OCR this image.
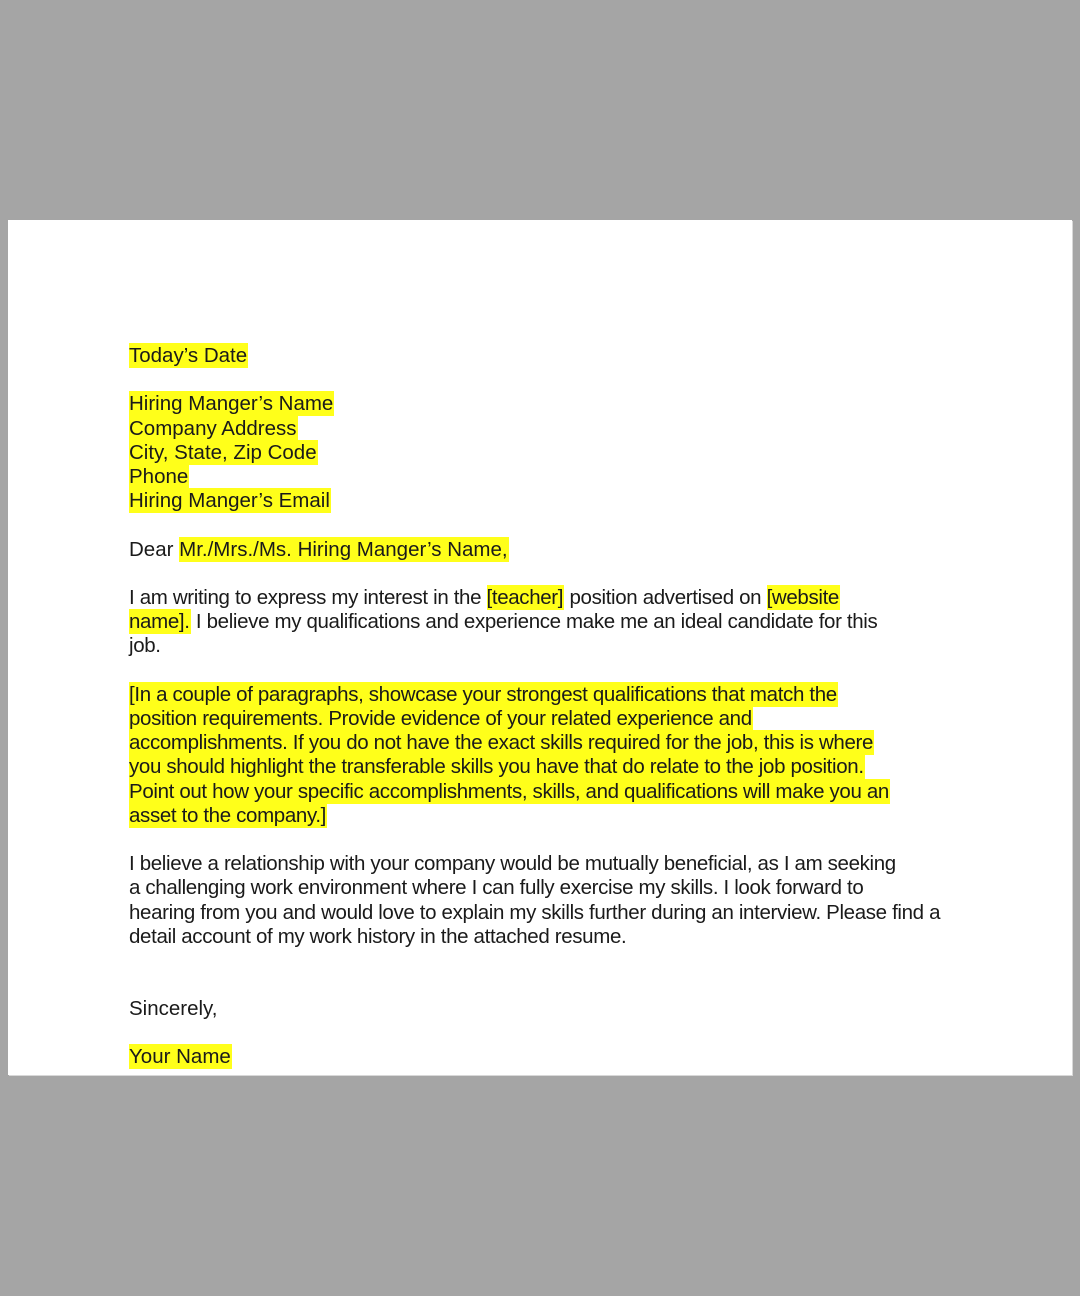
Today’s Date

Hiring Manger’s Name
Company Address
City, State, Zip Code
Phone
Hiring Manger’s Email

Dear Mr./Mrs./Ms. Hiring Manger’s Name,

I am writing to express my interest in the [teacher] position advertised on [website
name]. I believe my qualifications and experience make me an ideal candidate for this
job.
[In a couple of paragraphs, showcase your strongest qualifications that match the
position requirements. Provide evidence of your related experience and
accomplishments. If you do not have the exact skills required for the job, this is where
you should highlight the transferable skills you have that do relate to the job position.
Point out how your specific accomplishments, skills, and qualifications will make you an
asset to the company.]
I believe a relationship with your company would be mutually beneficial, as I am seeking
a challenging work environment where I can fully exercise my skills. I look forward to
hearing from you and would love to explain my skills further during an interview. Please find a
detail account of my work history in the attached resume.

Sincerely,

Your Name
